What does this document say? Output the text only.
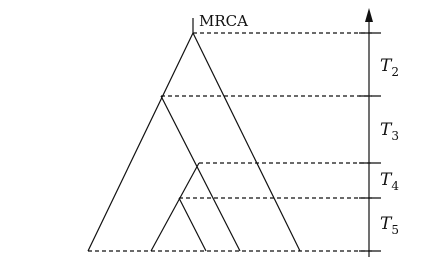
MRCA
$T_2$
$T_3$
$T_4$
$T_5$
